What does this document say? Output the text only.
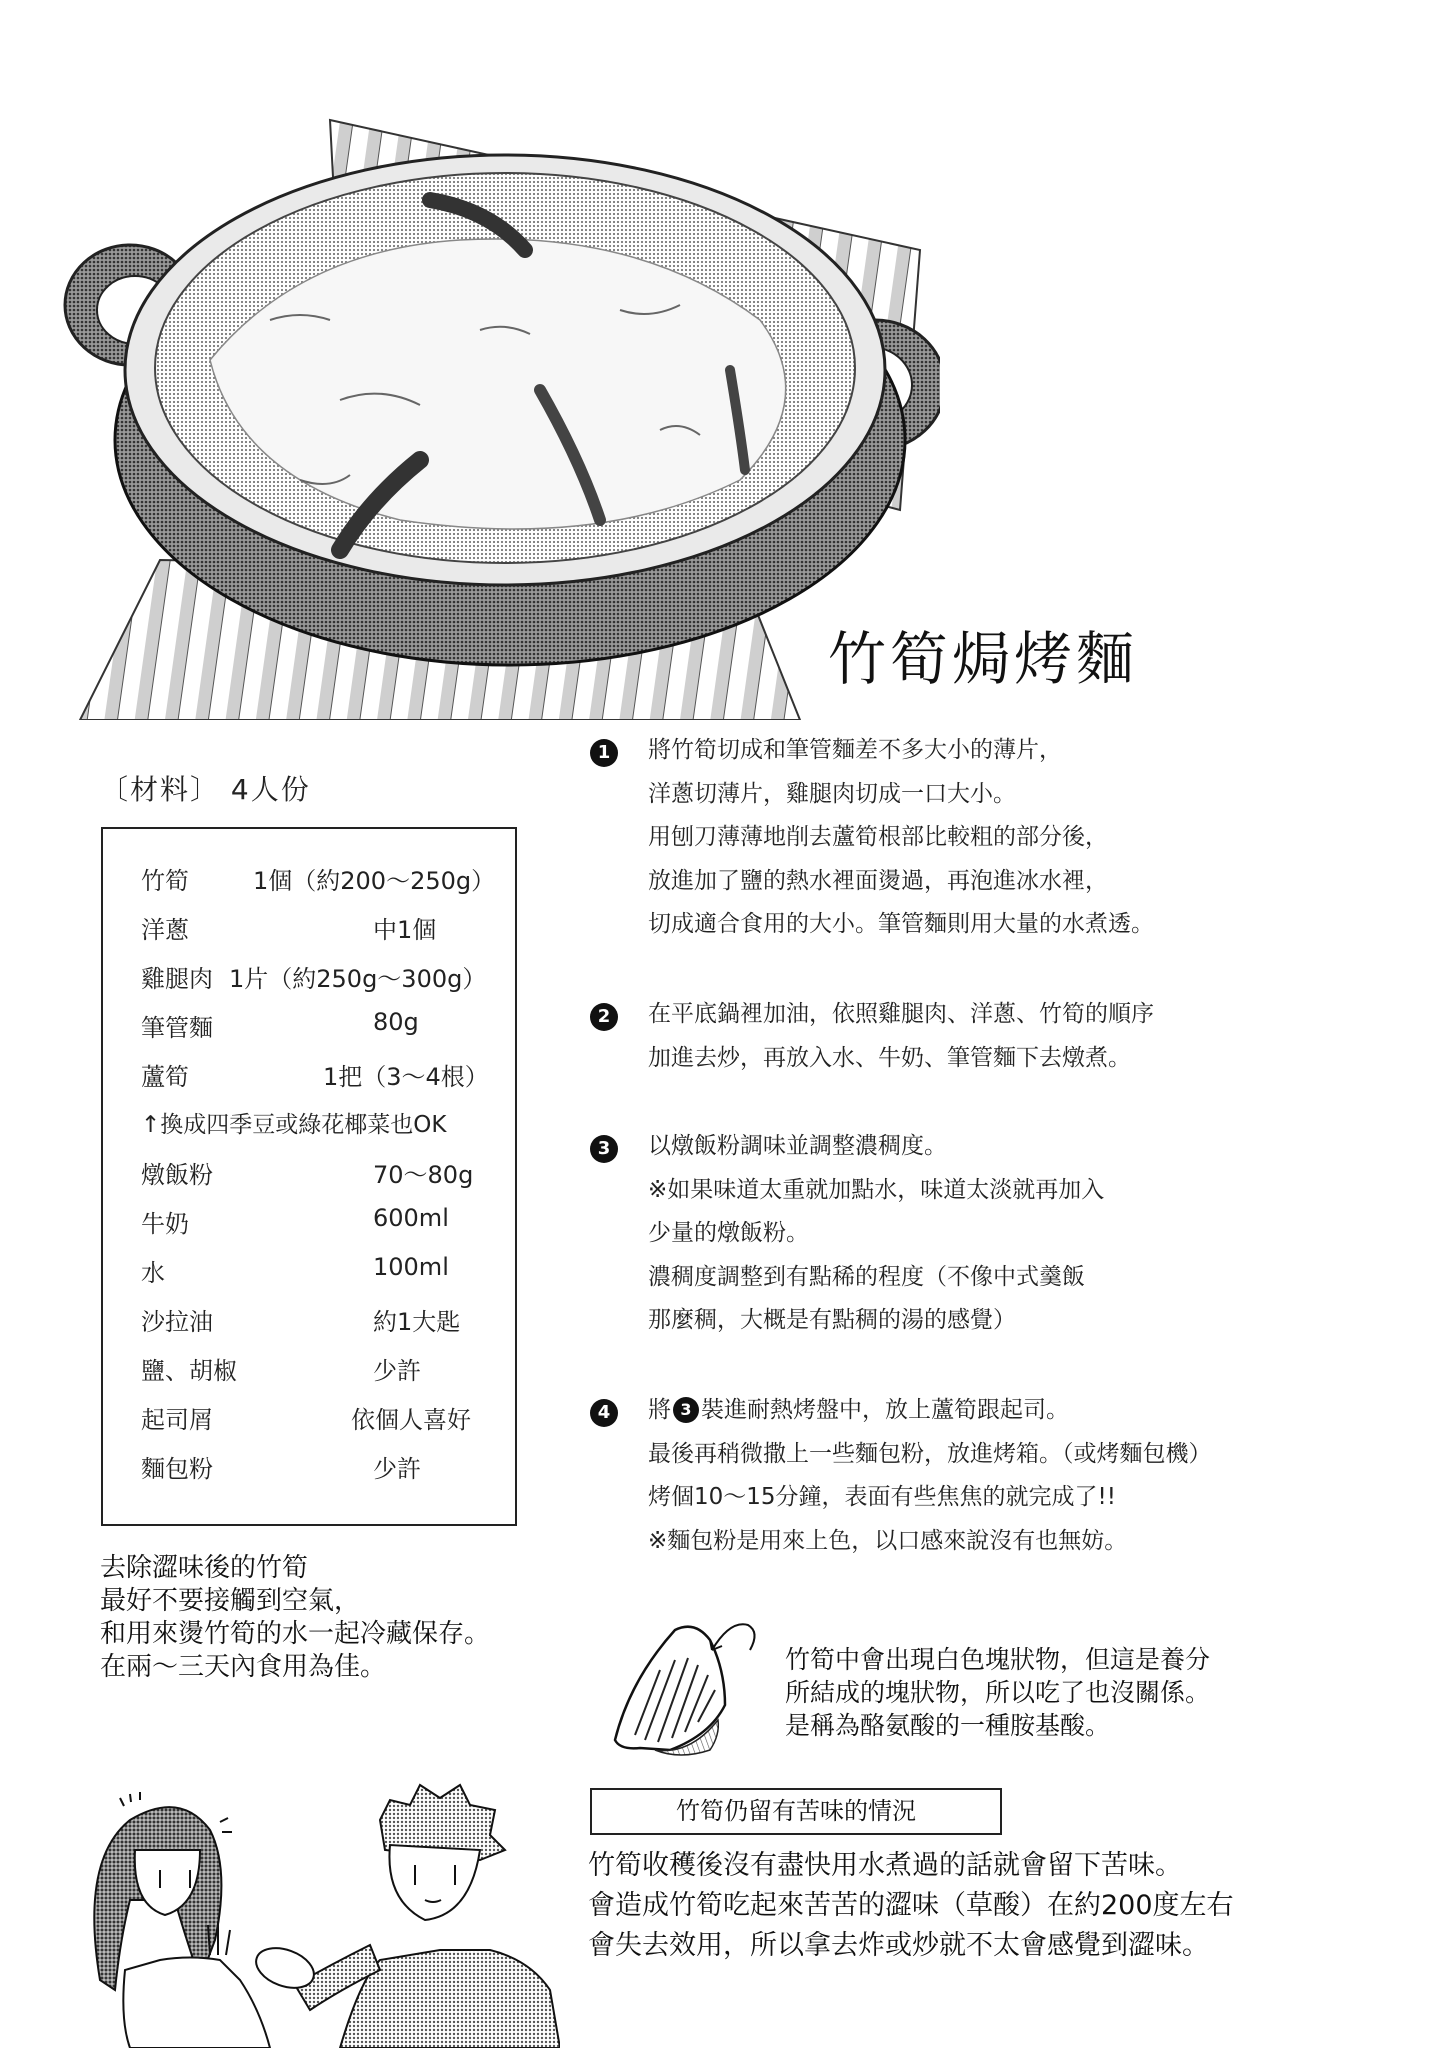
竹筍焗烤麵
〔材料〕 4人份
竹筍	1個（約200〜250g）
洋蔥	中1個
雞腿肉 1片（約250g〜300g）
筆管麵	80g
蘆筍	1把（3〜4根）
↑換成四季豆或綠花椰菜也OK
燉飯粉	70〜80g
牛奶	600ml
水	100ml
沙拉油	約1大匙
鹽、胡椒	少許
起司屑	依個人喜好
麵包粉	少許
去除澀味後的竹筍
最好不要接觸到空氣，
和用來燙竹筍的水一起冷藏保存。
在兩〜三天內食用為佳。
1	將竹筍切成和筆管麵差不多大小的薄片，
洋蔥切薄片，雞腿肉切成一口大小。
用刨刀薄薄地削去蘆筍根部比較粗的部分後，
放進加了鹽的熱水裡面燙過，再泡進冰水裡，
切成適合食用的大小。筆管麵則用大量的水煮透。
2	在平底鍋裡加油，依照雞腿肉、洋蔥、竹筍的順序
加進去炒，再放入水、牛奶、筆管麵下去燉煮。
3	以燉飯粉調味並調整濃稠度。
※如果味道太重就加點水，味道太淡就再加入
少量的燉飯粉。
濃稠度調整到有點稀的程度（不像中式羹飯
那麼稠，大概是有點稠的湯的感覺）
4	將 3 裝進耐熱烤盤中，放上蘆筍跟起司。
最後再稍微撒上一些麵包粉，放進烤箱。（或烤麵包機）
烤個10〜15分鐘，表面有些焦焦的就完成了!!
※麵包粉是用來上色，以口感來說沒有也無妨。
竹筍中會出現白色塊狀物，但這是養分
所結成的塊狀物，所以吃了也沒關係。
是稱為酪氨酸的一種胺基酸。
竹筍仍留有苦味的情況
竹筍收穫後沒有盡快用水煮過的話就會留下苦味。
會造成竹筍吃起來苦苦的澀味（草酸）在約200度左右
會失去效用，所以拿去炸或炒就不太會感覺到澀味。
